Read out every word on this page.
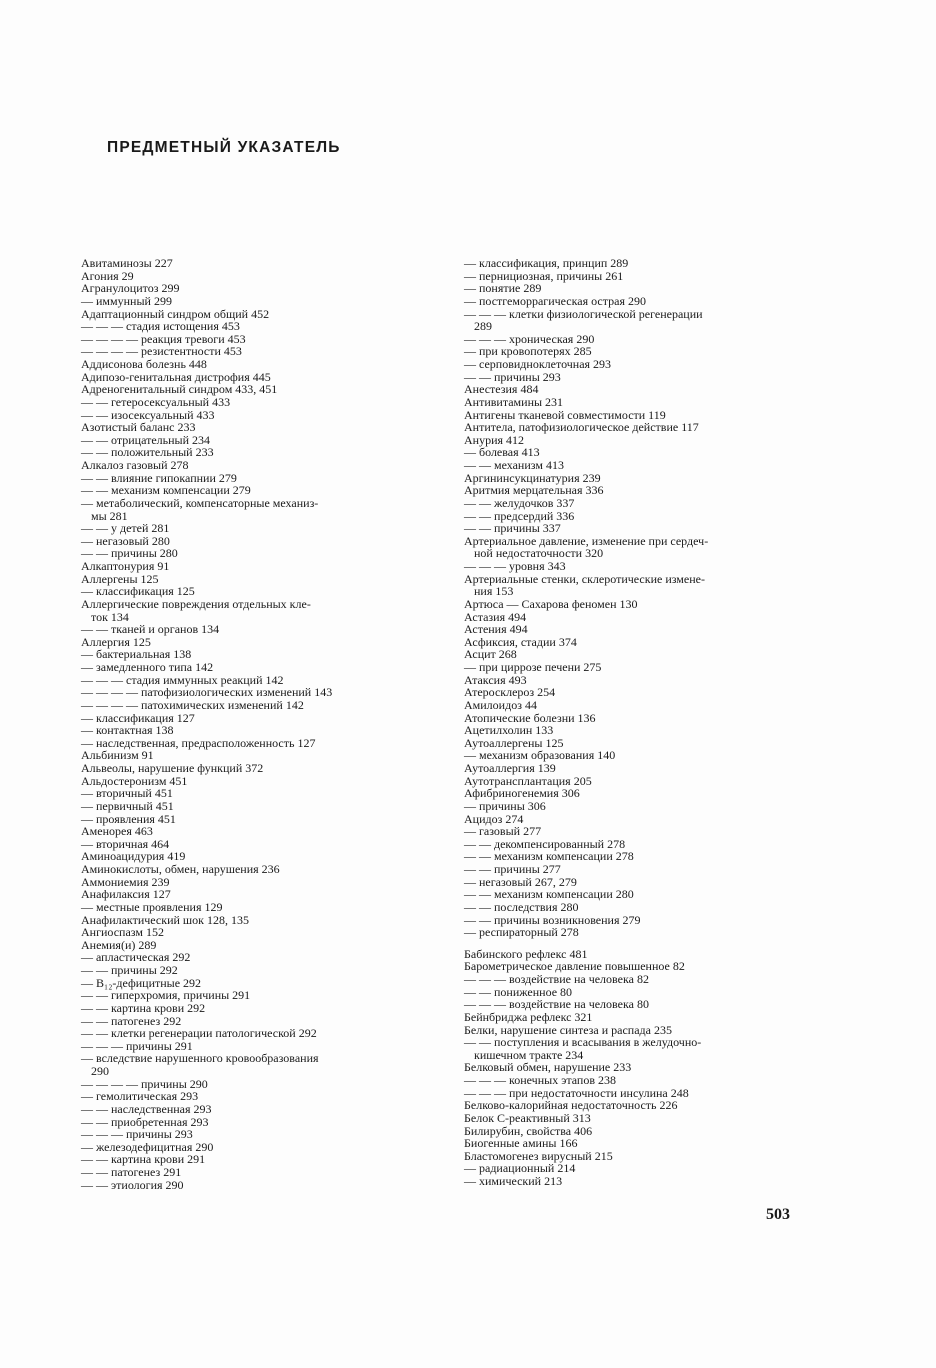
ПРЕДМЕТНЫЙ УКАЗАТЕЛЬ
Авитаминозы 227
Агония 29
Агранулоцитоз 299
— иммунный 299
Адаптационный синдром общий 452
— — — стадия истощения 453
— — — — реакция тревоги 453
— — — — резистентности 453
Аддисонова болезнь 448
Адипозо-генитальная дистрофия 445
Адреногенитальный синдром 433, 451
— — гетеросексуальный 433
— — изосексуальный 433
Азотистый баланс 233
— — отрицательный 234
— — положительный 233
Алкалоз газовый 278
— — влияние гипокапнии 279
— — механизм компенсации 279
— метаболический, компенсаторные механиз-
мы 281
— — у детей 281
— негазовый 280
— — причины 280
Алкаптонурия 91
Аллергены 125
— классификация 125
Аллергические повреждения отдельных кле-
ток 134
— — тканей и органов 134
Аллергия 125
— бактериальная 138
— замедленного типа 142
— — — стадия иммунных реакций 142
— — — — патофизиологических изменений 143
— — — — патохимических изменений 142
— классификация 127
— контактная 138
— наследственная, предрасположенность 127
Альбинизм 91
Альвеолы, нарушение функций 372
Альдостеронизм 451
— вторичный 451
— первичный 451
— проявления 451
Аменорея 463
— вторичная 464
Аминоацидурия 419
Аминокислоты, обмен, нарушения 236
Аммониемия 239
Анафилаксия 127
— местные проявления 129
Анафилактический шок 128, 135
Ангиоспазм 152
Анемия(и) 289
— апластическая 292
— — причины 292
— B₁₂-дефицитные 292
— — гиперхромия, причины 291
— — картина крови 292
— — патогенез 292
— — клетки регенерации патологической 292
— — — причины 291
— вследствие нарушенного кровообразования
290
— — — — причины 290
— гемолитическая 293
— — наследственная 293
— — приобретенная 293
— — — причины 293
— железодефицитная 290
— — картина крови 291
— — патогенез 291
— — этиология 290
— классификация, принцип 289
— пернициозная, причины 261
— понятие 289
— постгеморрагическая острая 290
— — — клетки физиологической регенерации
289
— — — хроническая 290
— при кровопотерях 285
— серповидноклеточная 293
— — причины 293
Анестезия 484
Антивитамины 231
Антигены тканевой совместимости 119
Антитела, патофизиологическое действие 117
Анурия 412
— болевая 413
— — механизм 413
Аргининсукцинатурия 239
Аритмия мерцательная 336
— — желудочков 337
— — предсердий 336
— — причины 337
Артериальное давление, изменение при сердеч-
ной недостаточности 320
— — — уровня 343
Артериальные стенки, склеротические измене-
ния 153
Артюса — Сахарова феномен 130
Астазия 494
Астения 494
Асфиксия, стадии 374
Асцит 268
— при циррозе печени 275
Атаксия 493
Атеросклероз 254
Амилоидоз 44
Атопические болезни 136
Ацетилхолин 133
Аутоаллергены 125
— механизм образования 140
Аутоаллергия 139
Аутотрансплантация 205
Афибриногенемия 306
— причины 306
Ацидоз 274
— газовый 277
— — декомпенсированный 278
— — механизм компенсации 278
— — причины 277
— негазовый 267, 279
— — механизм компенсации 280
— — последствия 280
— — причины возникновения 279
— респираторный 278
Бабинского рефлекс 481
Барометрическое давление повышенное 82
— — — воздействие на человека 82
— — пониженное 80
— — — воздействие на человека 80
Бейнбриджа рефлекс 321
Белки, нарушение синтеза и распада 235
— — поступления и всасывания в желудочно-
кишечном тракте 234
Белковый обмен, нарушение 233
— — — конечных этапов 238
— — — при недостаточности инсулина 248
Белково-калорийная недостаточность 226
Белок С-реактивный 313
Билирубин, свойства 406
Биогенные амины 166
Бластомогенез вирусный 215
— радиационный 214
— химический 213
503
